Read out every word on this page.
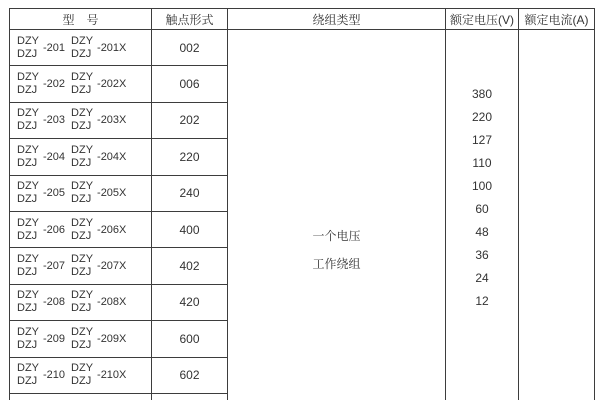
型　号	触点形式	绕组类型	额定电压(V)	额定电流(A)

DZY
DZJ -201
DZY
DZJ -201X	002	
一个电压
工作绕组

380
220
127
110
100
60
48
36
24
12

DZY
DZJ -202
DZY
DZJ -202X	006

DZY
DZJ -203
DZY
DZJ -203X	202

DZY
DZJ -204
DZY
DZJ -204X	220

DZY
DZJ -205
DZY
DZJ -205X	240

DZY
DZJ -206
DZY
DZJ -206X	400

DZY
DZJ -207
DZY
DZJ -207X	402

DZY
DZJ -208
DZY
DZJ -208X	420

DZY
DZJ -209
DZY
DZJ -209X	600

DZY
DZJ -210
DZY
DZJ -210X	602
